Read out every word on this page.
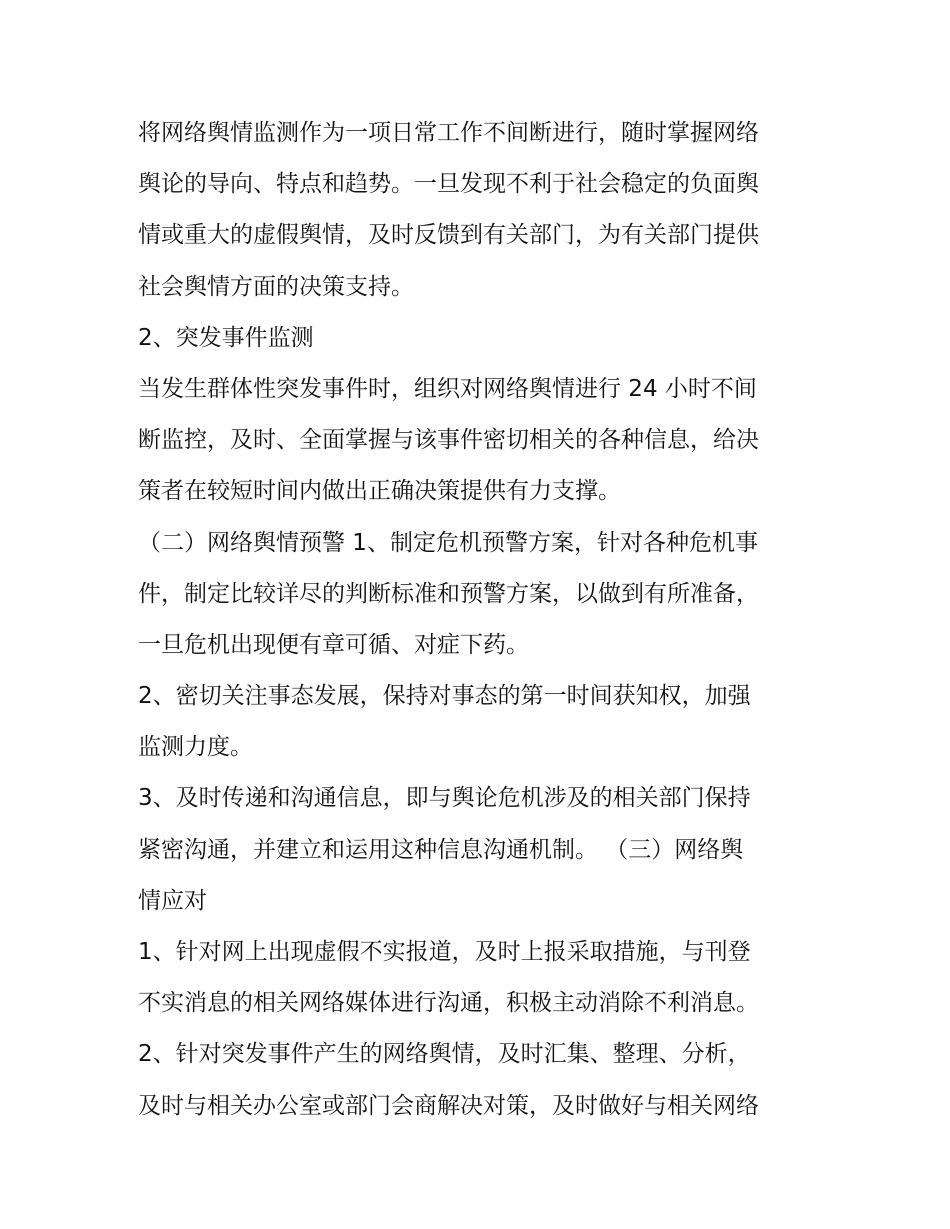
将网络舆情监测作为一项日常工作不间断进行，随时掌握网络
舆论的导向、特点和趋势。一旦发现不利于社会稳定的负面舆
情或重大的虚假舆情，及时反馈到有关部门，为有关部门提供
社会舆情方面的决策支持。
2、突发事件监测
当发生群体性突发事件时，组织对网络舆情进行 24 小时不间
断监控，及时、全面掌握与该事件密切相关的各种信息，给决
策者在较短时间内做出正确决策提供有力支撑。
（二）网络舆情预警 1、制定危机预警方案，针对各种危机事
件，制定比较详尽的判断标准和预警方案，以做到有所准备，
一旦危机出现便有章可循、对症下药。
2、密切关注事态发展，保持对事态的第一时间获知权，加强
监测力度。
3、及时传递和沟通信息，即与舆论危机涉及的相关部门保持
紧密沟通，并建立和运用这种信息沟通机制。 （三）网络舆
情应对
1、针对网上出现虚假不实报道，及时上报采取措施，与刊登
不实消息的相关网络媒体进行沟通，积极主动消除不利消息。
2、针对突发事件产生的网络舆情，及时汇集、整理、分析，
及时与相关办公室或部门会商解决对策，及时做好与相关网络
